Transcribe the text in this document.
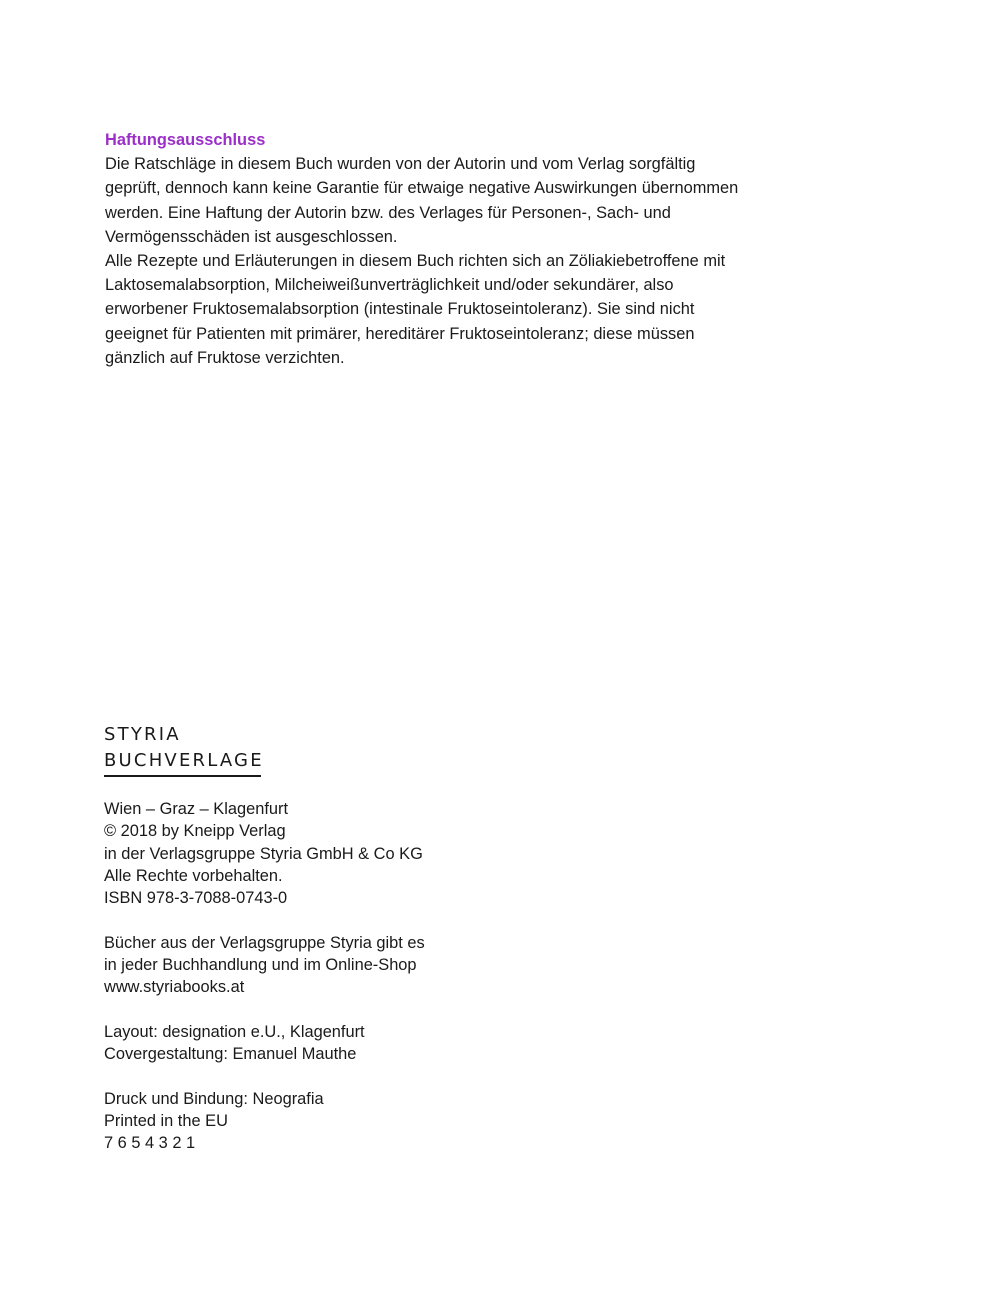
Haftungsausschluss

Die Ratschläge in diesem Buch wurden von der Autorin und vom Verlag sorgfältig geprüft, dennoch kann keine Garantie für etwaige negative Auswirkungen übernommen werden. Eine Haftung der Autorin bzw. des Verlages für Personen-, Sach- und Vermögensschäden ist ausgeschlossen.

Alle Rezepte und Erläuterungen in diesem Buch richten sich an Zöliakiebetroffene mit Laktosemalabsorption, Milcheiweißunverträglichkeit und/oder sekundärer, also erworbener Fruktosemalabsorption (intestinale Fruktoseintoleranz). Sie sind nicht geeignet für Patienten mit primärer, hereditärer Fruktoseintoleranz; diese müssen gänzlich auf Fruktose verzichten.

STYRIA
BUCHVERLAGE
Wien – Graz – Klagenfurt
© 2018 by Kneipp Verlag
in der Verlagsgruppe Styria GmbH & Co KG
Alle Rechte vorbehalten.
ISBN 978-3-7088-0743-0
Bücher aus der Verlagsgruppe Styria gibt es
in jeder Buchhandlung und im Online-Shop
www.styriabooks.at
Layout: designation e.U., Klagenfurt
Covergestaltung: Emanuel Mauthe
Druck und Bindung: Neografia
Printed in the EU
7 6 5 4 3 2 1
